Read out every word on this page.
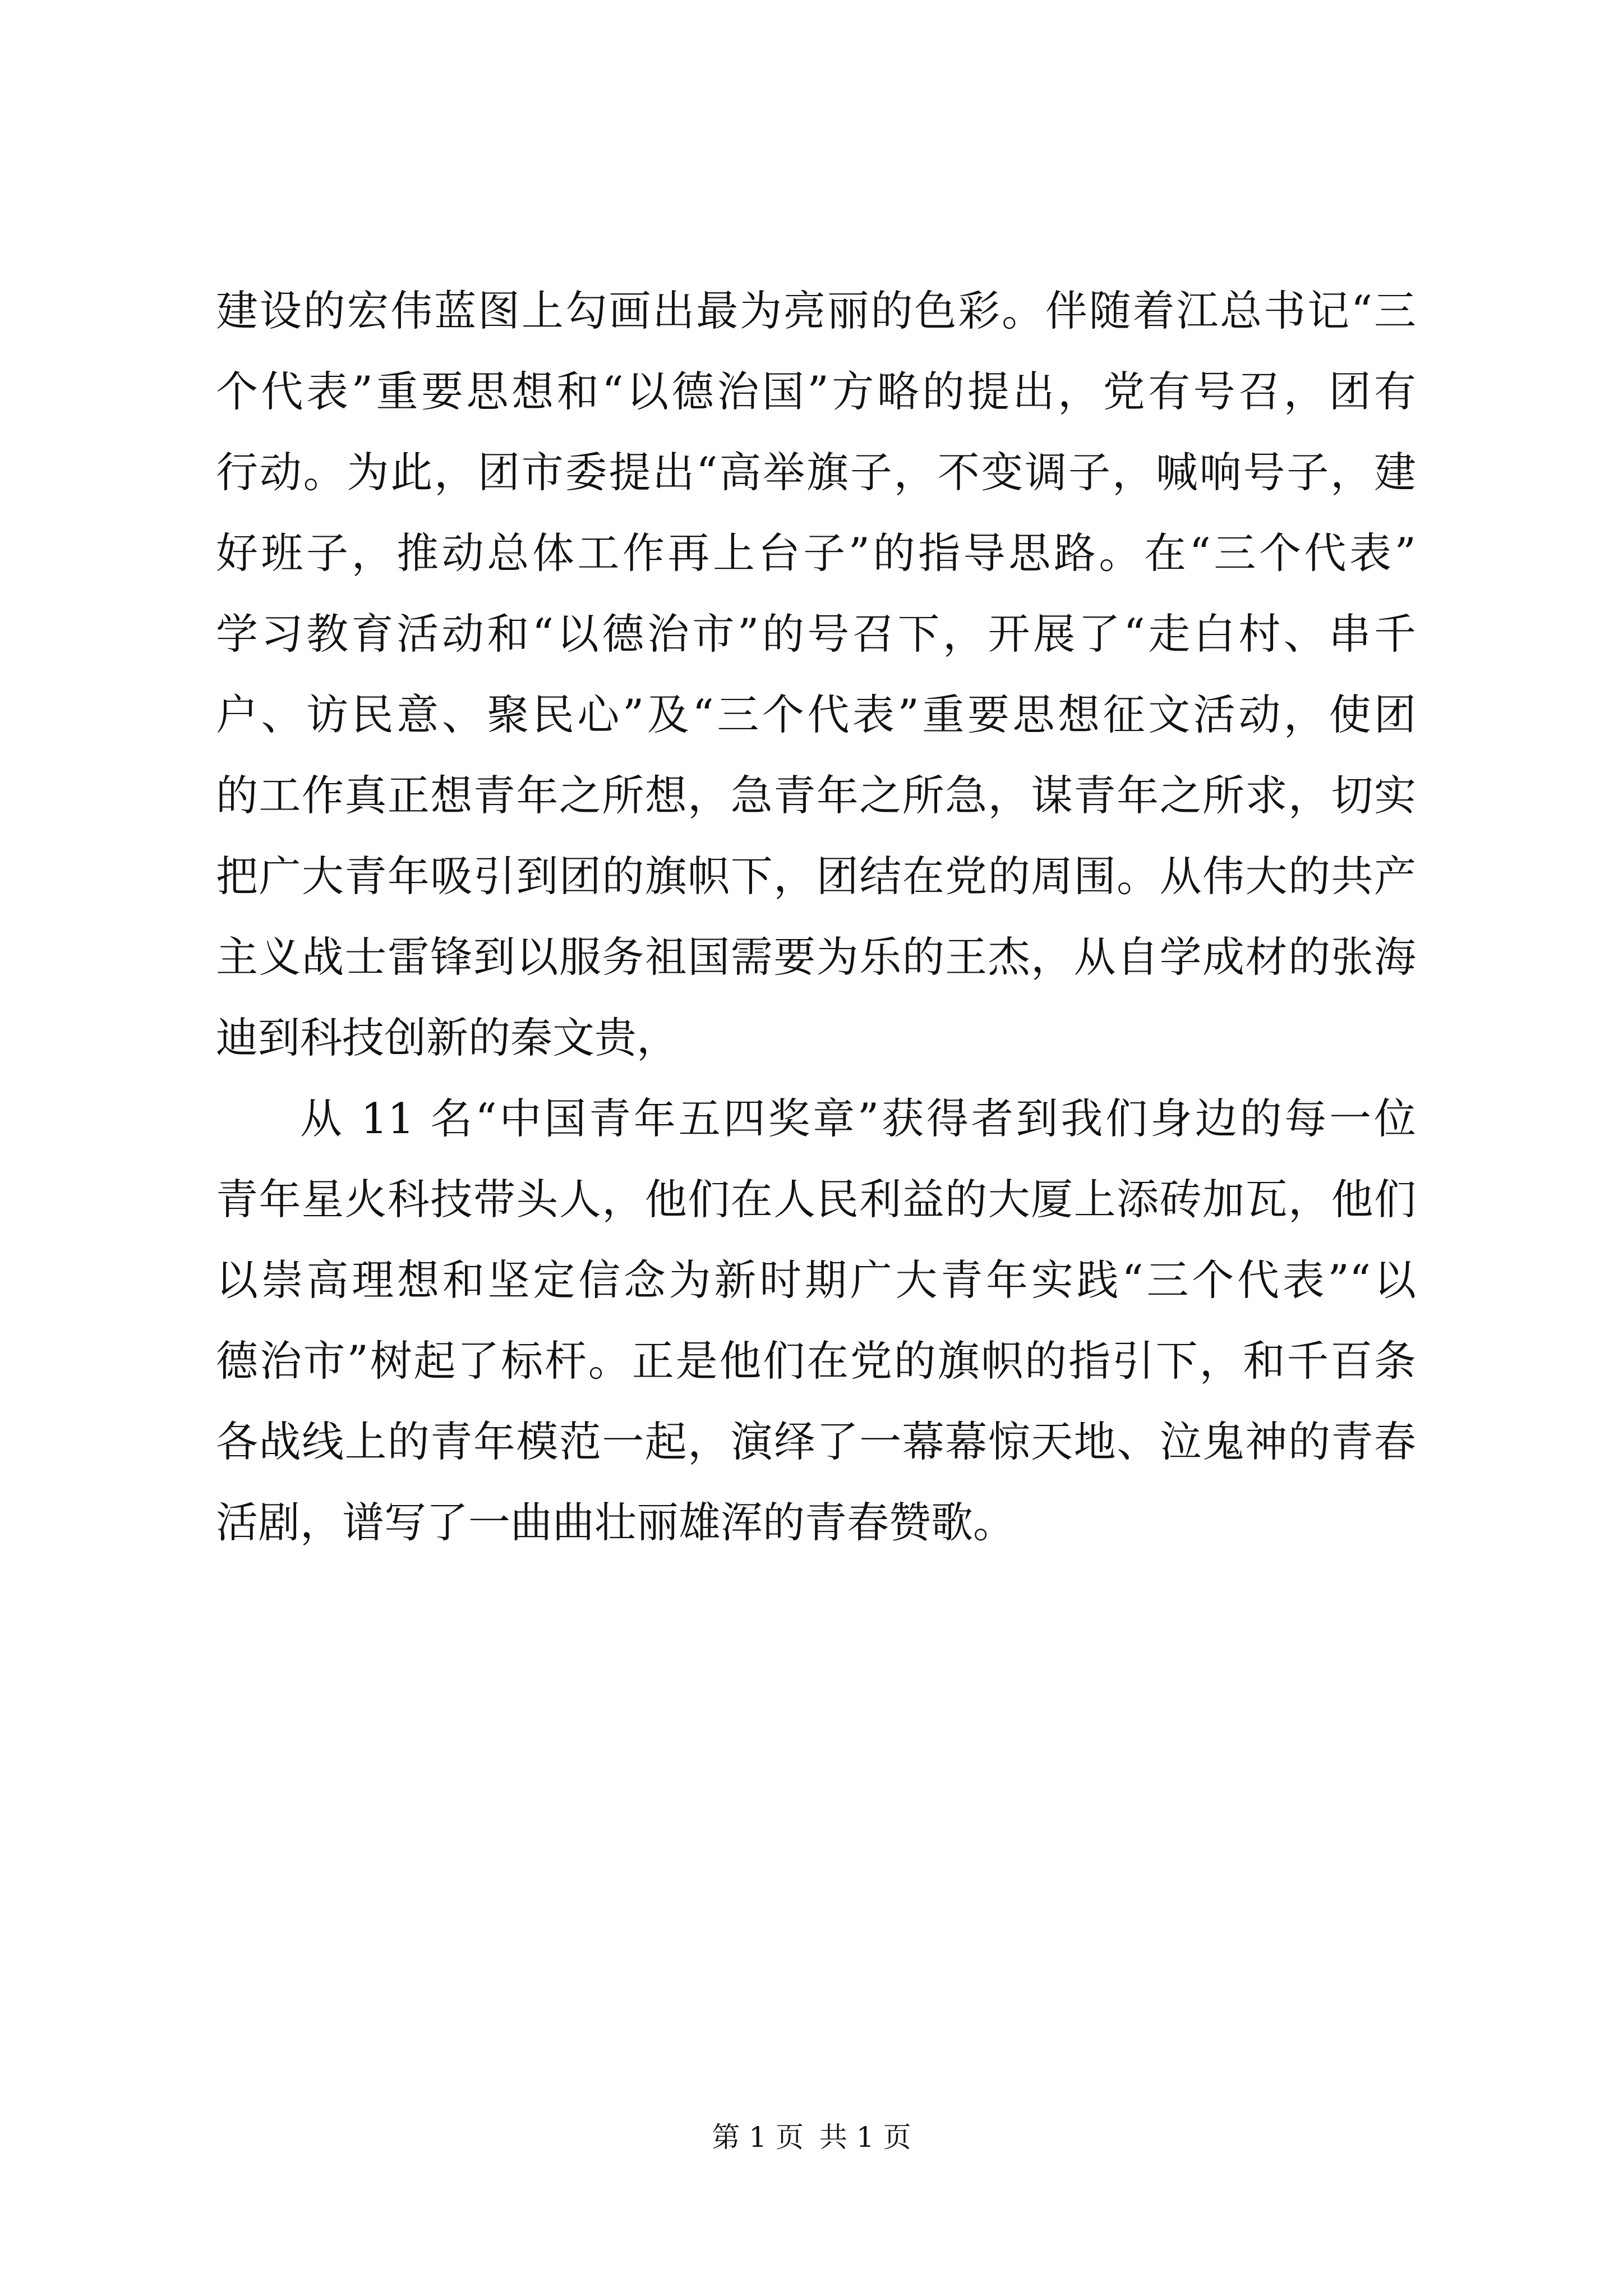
建设的宏伟蓝图上勾画出最为亮丽的色彩。伴随着江总书记“三
个代表”重要思想和“以德治国”方略的提出，党有号召，团有
行动。为此，团市委提出“高举旗子，不变调子，喊响号子，建
好班子，推动总体工作再上台子”的指导思路。在“三个代表”
学习教育活动和“以德治市”的号召下，开展了“走白村、串千
户、访民意、聚民心”及“三个代表”重要思想征文活动，使团
的工作真正想青年之所想，急青年之所急，谋青年之所求，切实
把广大青年吸引到团的旗帜下，团结在党的周围。从伟大的共产
主义战士雷锋到以服务祖国需要为乐的王杰，从自学成材的张海
迪到科技创新的秦文贵，
从 11 名“中国青年五四奖章”获得者到我们身边的每一位
青年星火科技带头人，他们在人民利益的大厦上添砖加瓦，他们
以崇高理想和坚定信念为新时期广大青年实践“三个代表”“以
德治市”树起了标杆。正是他们在党的旗帜的指引下，和千百条
各战线上的青年模范一起，演绎了一幕幕惊天地、泣鬼神的青春
活剧，谱写了一曲曲壮丽雄浑的青春赞歌。
第 1 页 共 1 页
